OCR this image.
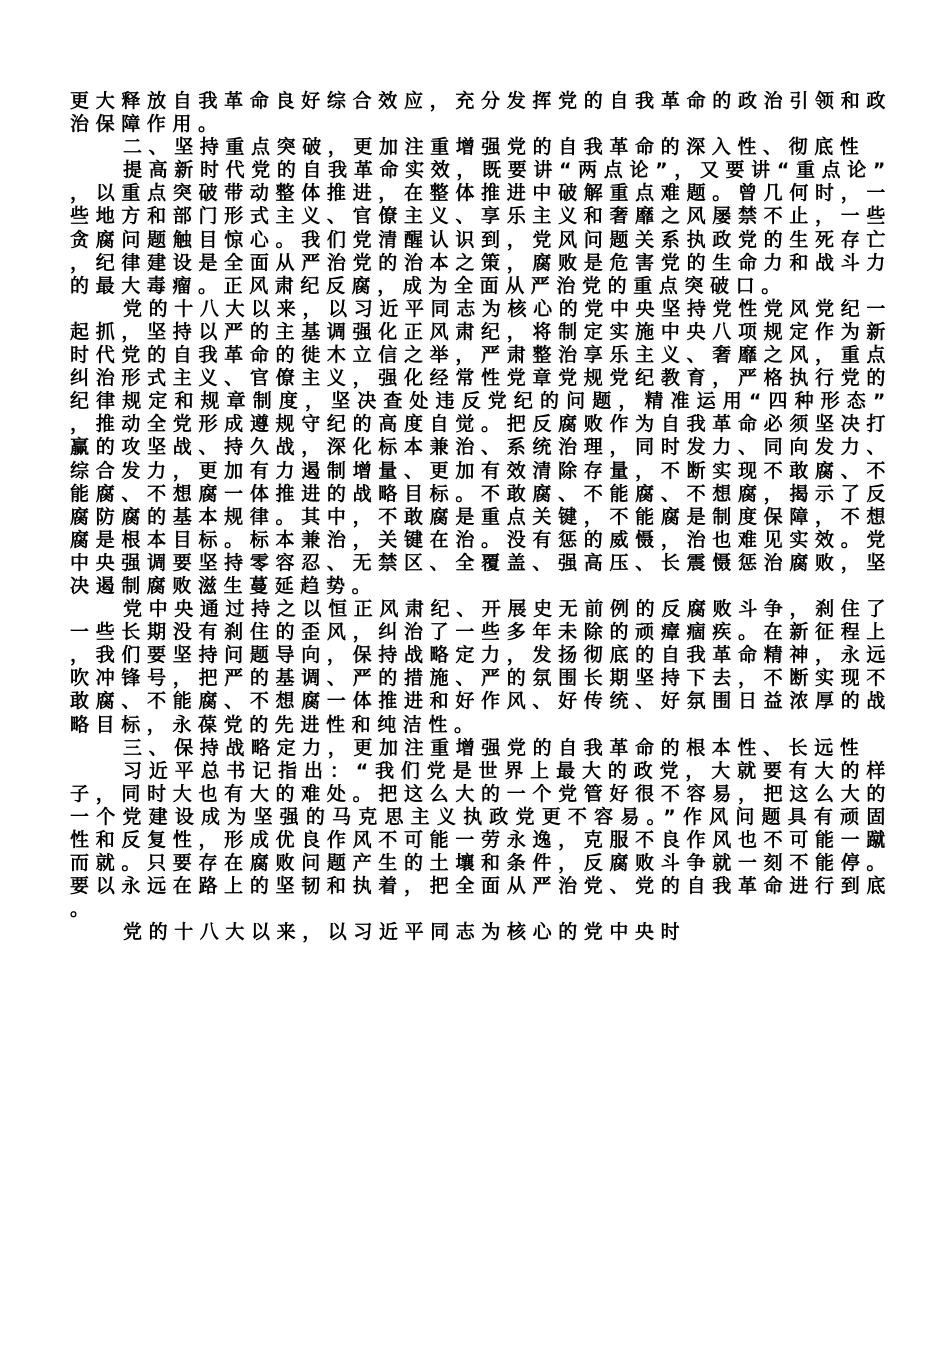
更大释放自我革命良好综合效应，充分发挥党的自我革命的政治引领和政治保障作用。

二、坚持重点突破，更加注重增强党的自我革命的深入性、彻底性

提高新时代党的自我革命实效，既要讲“两点论”，又要讲“重点论”，以重点突破带动整体推进，在整体推进中破解重点难题。曾几何时，一些地方和部门形式主义、官僚主义、享乐主义和奢靡之风屡禁不止，一些贪腐问题触目惊心。我们党清醒认识到，党风问题关系执政党的生死存亡，纪律建设是全面从严治党的治本之策，腐败是危害党的生命力和战斗力的最大毒瘤。正风肃纪反腐，成为全面从严治党的重点突破口。

党的十八大以来，以习近平同志为核心的党中央坚持党性党风党纪一起抓，坚持以严的主基调强化正风肃纪，将制定实施中央八项规定作为新时代党的自我革命的徙木立信之举，严肃整治享乐主义、奢靡之风，重点纠治形式主义、官僚主义，强化经常性党章党规党纪教育，严格执行党的纪律规定和规章制度，坚决查处违反党纪的问题，精准运用“四种形态”，推动全党形成遵规守纪的高度自觉。把反腐败作为自我革命必须坚决打赢的攻坚战、持久战，深化标本兼治、系统治理，同时发力、同向发力、综合发力，更加有力遏制增量、更加有效清除存量，不断实现不敢腐、不能腐、不想腐一体推进的战略目标。不敢腐、不能腐、不想腐，揭示了反腐防腐的基本规律。其中，不敢腐是重点关键，不能腐是制度保障，不想腐是根本目标。标本兼治，关键在治。没有惩的威慑，治也难见实效。党中央强调要坚持零容忍、无禁区、全覆盖、强高压、长震慑惩治腐败，坚决遏制腐败滋生蔓延趋势。

党中央通过持之以恒正风肃纪、开展史无前例的反腐败斗争，刹住了一些长期没有刹住的歪风，纠治了一些多年未除的顽瘴痼疾。在新征程上，我们要坚持问题导向，保持战略定力，发扬彻底的自我革命精神，永远吹冲锋号，把严的基调、严的措施、严的氛围长期坚持下去，不断实现不敢腐、不能腐、不想腐一体推进和好作风、好传统、好氛围日益浓厚的战略目标，永葆党的先进性和纯洁性。

三、保持战略定力，更加注重增强党的自我革命的根本性、长远性

习近平总书记指出：“我们党是世界上最大的政党，大就要有大的样子，同时大也有大的难处。把这么大的一个党管好很不容易，把这么大的一个党建设成为坚强的马克思主义执政党更不容易。”作风问题具有顽固性和反复性，形成优良作风不可能一劳永逸，克服不良作风也不可能一蹴而就。只要存在腐败问题产生的土壤和条件，反腐败斗争就一刻不能停。要以永远在路上的坚韧和执着，把全面从严治党、党的自我革命进行到底。

党的十八大以来，以习近平同志为核心的党中央时
